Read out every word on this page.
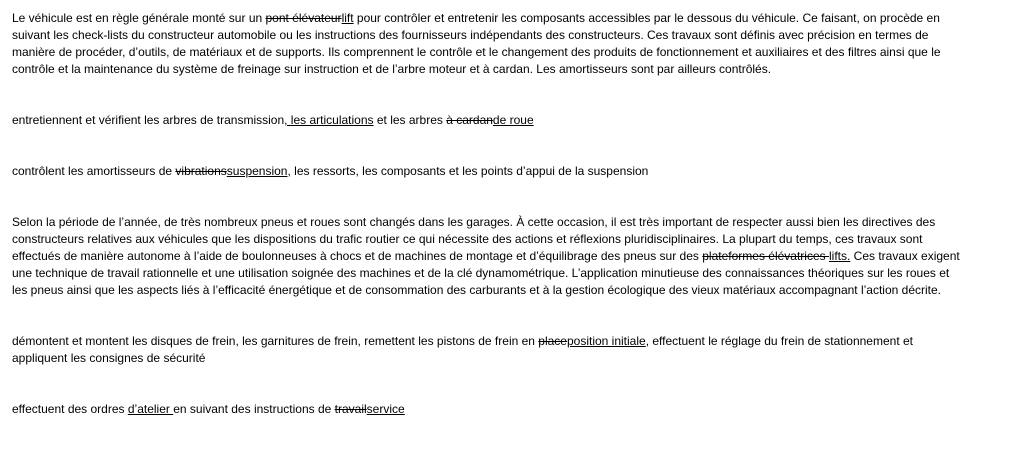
Le véhicule est en règle générale monté sur un pont élévateurlift pour contrôler et entretenir les composants accessibles par le dessous du véhicule. Ce faisant, on procède en suivant les check-lists du constructeur automobile ou les instructions des fournisseurs indépendants des constructeurs. Ces travaux sont définis avec précision en termes de manière de procéder, d’outils, de matériaux et de supports. Ils comprennent le contrôle et le changement des produits de fonctionnement et auxiliaires et des filtres ainsi que le contrôle et la maintenance du système de freinage sur instruction et de l’arbre moteur et à cardan. Les amortisseurs sont par ailleurs contrôlés.

entretiennent et vérifient les arbres de transmission, les articulations et les arbres à cardande roue

contrôlent les amortisseurs de vibrationssuspension, les ressorts, les composants et les points d’appui de la suspension

Selon la période de l’année, de très nombreux pneus et roues sont changés dans les garages. À cette occasion, il est très important de respecter aussi bien les directives des constructeurs relatives aux véhicules que les dispositions du trafic routier ce qui nécessite des actions et réflexions pluridisciplinaires. La plupart du temps, ces travaux sont effectués de manière autonome à l’aide de boulonneuses à chocs et de machines de montage et d’équilibrage des pneus sur des plateformes élévatrices lifts. Ces travaux exigent une technique de travail rationnelle et une utilisation soignée des machines et de la clé dynamométrique. L’application minutieuse des connaissances théoriques sur les roues et les pneus ainsi que les aspects liés à l’efficacité énergétique et de consommation des carburants et à la gestion écologique des vieux matériaux accompagnant l’action décrite.

démontent et montent les disques de frein, les garnitures de frein, remettent les pistons de frein en placeposition initiale, effectuent le réglage du frein de stationnement et appliquent les consignes de sécurité

effectuent des ordres d’atelier en suivant des instructions de travailservice
